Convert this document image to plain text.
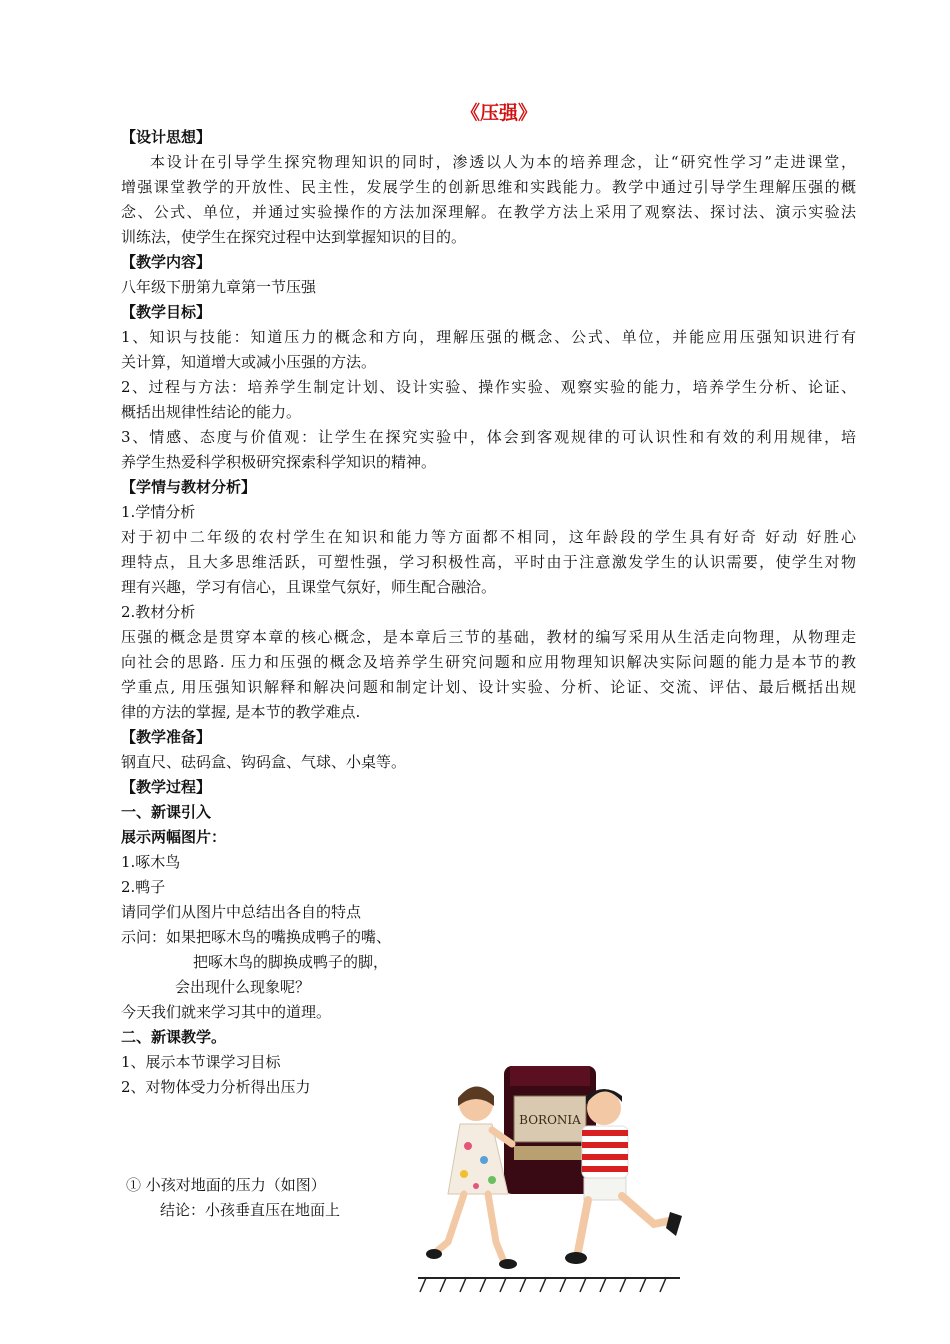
《压强》
【设计思想】
本设计在引导学生探究物理知识的同时，渗透以人为本的培养理念，让“研究性学习”走进课堂，
增强课堂教学的开放性、民主性，发展学生的创新思维和实践能力。教学中通过引导学生理解压强的概
念、公式、单位，并通过实验操作的方法加深理解。在教学方法上采用了观察法、探讨法、演示实验法
训练法，使学生在探究过程中达到掌握知识的目的。
【教学内容】
八年级下册第九章第一节压强
【教学目标】
1、知识与技能：知道压力的概念和方向，理解压强的概念、公式、单位，并能应用压强知识进行有
关计算，知道增大或减小压强的方法。
2、过程与方法：培养学生制定计划、设计实验、操作实验、观察实验的能力，培养学生分析、论证、
概括出规律性结论的能力。
3、情感、态度与价值观：让学生在探究实验中，体会到客观规律的可认识性和有效的利用规律，培
养学生热爱科学积极研究探索科学知识的精神。
【学情与教材分析】
1.学情分析
对于初中二年级的农村学生在知识和能力等方面都不相同，这年龄段的学生具有好奇 好动 好胜心
理特点，且大多思维活跃，可塑性强，学习积极性高，平时由于注意激发学生的认识需要，使学生对物
理有兴趣，学习有信心，且课堂气氛好，师生配合融洽。
2.教材分析
压强的概念是贯穿本章的核心概念，是本章后三节的基础，教材的编写采用从生活走向物理，从物理走
向社会的思路. 压力和压强的概念及培养学生研究问题和应用物理知识解决实际问题的能力是本节的教
学重点, 用压强知识解释和解决问题和制定计划、设计实验、分析、论证、交流、评估、最后概括出规
律的方法的掌握, 是本节的教学难点.
【教学准备】
钢直尺、砝码盒、钩码盒、气球、小桌等。
【教学过程】
一、新课引入
展示两幅图片：
1.啄木鸟
2.鸭子
请同学们从图片中总结出各自的特点
示问：如果把啄木鸟的嘴换成鸭子的嘴、
把啄木鸟的脚换成鸭子的脚，
会出现什么现象呢？
今天我们就来学习其中的道理。
二、新课教学。
1、展示本节课学习目标
2、对物体受力分析得出压力
① 小孩对地面的压力（如图）
结论：小孩垂直压在地面上
BORONIA
